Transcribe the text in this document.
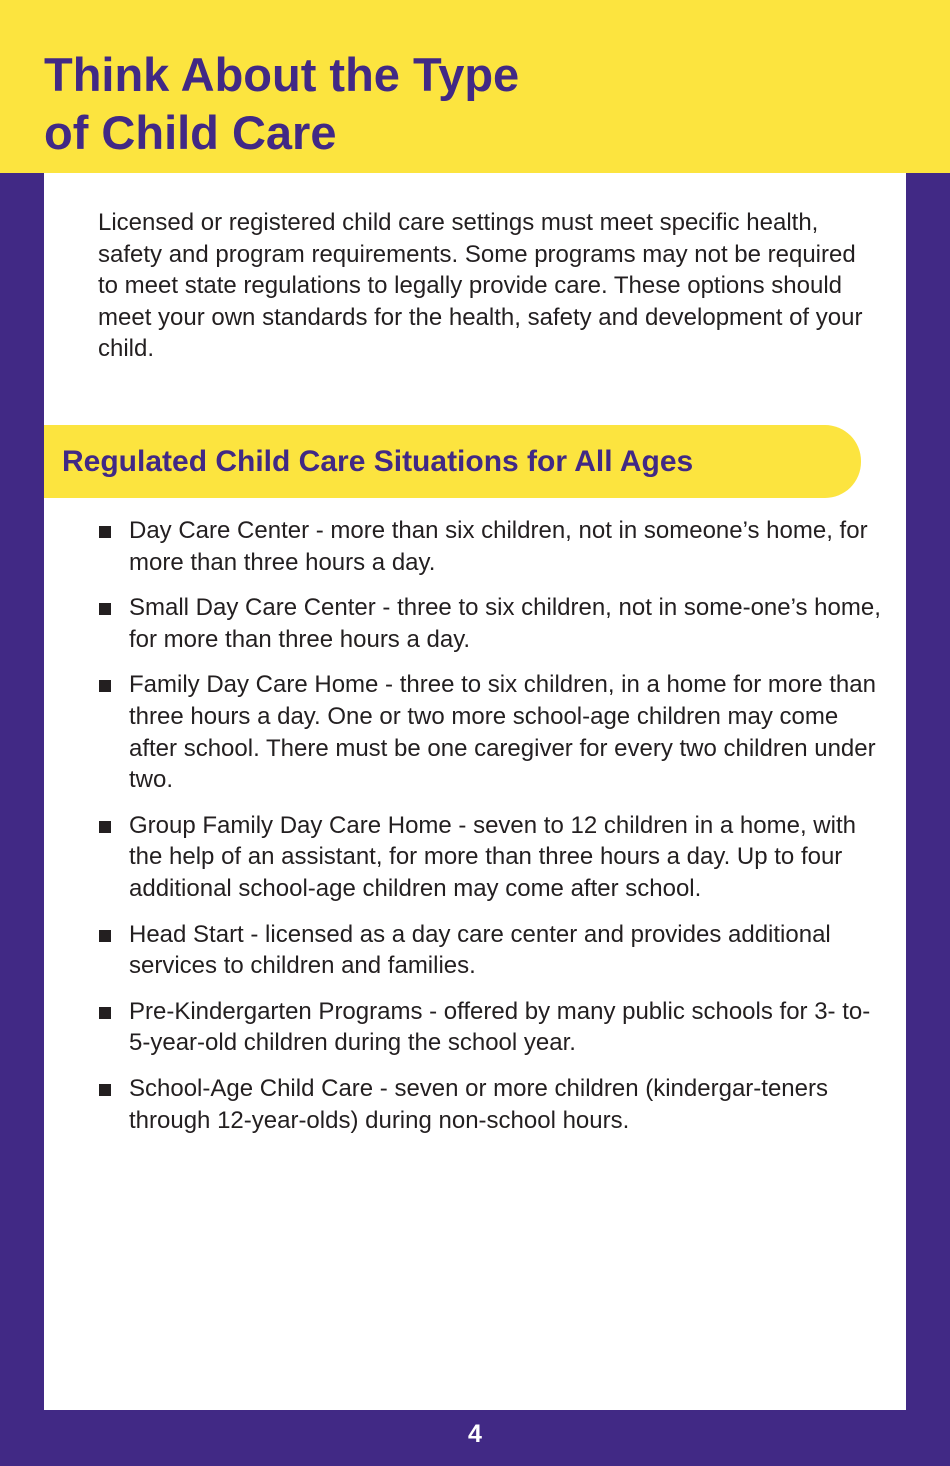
Think About the Type
of Child Care

Licensed or registered child care settings must meet specific health, safety and program requirements. Some programs may not be required to meet state regulations to legally provide care. These options should meet your own standards for the health, safety and development of your child.

Regulated Child Care Situations for All Ages
Day Care Center - more than six children, not in someone’s home, for more than three hours a day.
Small Day Care Center - three to six children, not in some-one’s home, for more than three hours a day.
Family Day Care Home - three to six children, in a home for more than three hours a day. One or two more school-age children may come after school. There must be one caregiver for every two children under two.
Group Family Day Care Home - seven to 12 children in a home, with the help of an assistant, for more than three hours a day. Up to four additional school-age children may come after school.
Head Start - licensed as a day care center and provides additional services to children and families.
Pre-Kindergarten Programs - offered by many public schools for 3- to-5-year-old children during the school year.
School-Age Child Care - seven or more children (kindergar-teners through 12-year-olds) during non-school hours.
4
